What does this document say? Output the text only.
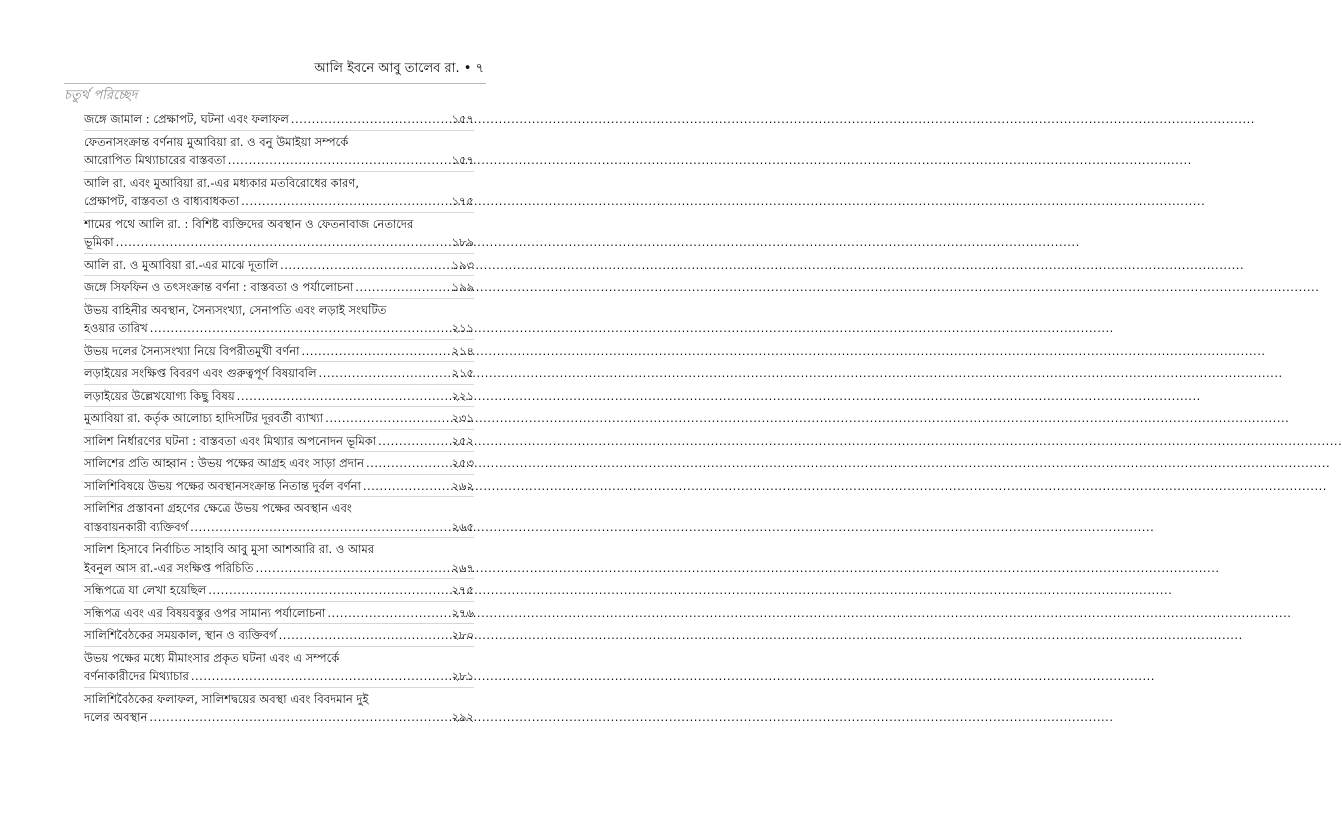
আলি ইবনে আবু তালেব রা. • ৭
চতুর্থ পরিচ্ছেদ
জঙ্গে জামাল : প্রেক্ষাপট, ঘটনা এবং ফলাফল .....	১৫৭
ফেতনাসংক্রান্ত বর্ণনায় মুআবিয়া রা. ও বনু উমাইয়া সম্পর্কে
আরোপিত মিথ্যাচারের বাস্তবতা .....	১৫৭
আলি রা. এবং মুআবিয়া রা.-এর মধ্যকার মতবিরোধের কারণ,
প্রেক্ষাপট, বাস্তবতা ও বাধ্যবাধকতা .....	১৭৫
শামের পথে আলি রা. : বিশিষ্ট ব্যক্তিদের অবস্থান ও ফেতনাবাজ নেতাদের
ভূমিকা .....	১৮৯
আলি রা. ও মুআবিয়া রা.-এর মাঝে দূতালি .....	১৯৩
জঙ্গে সিফফিন ও তৎসংক্রান্ত বর্ণনা : বাস্তবতা ও পর্যালোচনা .....	১৯৯
উভয় বাহিনীর অবস্থান, সৈন্যসংখ্যা, সেনাপতি এবং লড়াই সংঘটিত
হওয়ার তারিখ .....	২১১
উভয় দলের সৈন্যসংখ্যা নিয়ে বিপরীতমুখী বর্ণনা .....	২১৪
লড়াইয়ের সংক্ষিপ্ত বিবরণ এবং গুরুত্বপূর্ণ বিষয়াবলি .....	২১৫
লড়াইয়ের উল্লেখযোগ্য কিছু বিষয় .....	২২১
মুআবিয়া রা. কর্তৃক আলোচ্য হাদিসটির দূরবর্তী ব্যাখ্যা .....	২৩১
সালিশ নির্ধারণের ঘটনা : বাস্তবতা এবং মিথ্যার অপনোদন ভূমিকা .....	২৫২
সালিশের প্রতি আহ্বান : উভয় পক্ষের আগ্রহ এবং সাড়া প্রদান .....	২৫৩
সালিশিবিষয়ে উভয় পক্ষের অবস্থানসংক্রান্ত নিতান্ত দুর্বল বর্ণনা .....	২৬২
সালিশির প্রস্তাবনা গ্রহণের ক্ষেত্রে উভয় পক্ষের অবস্থান এবং
বাস্তবায়নকারী ব্যক্তিবর্গ .....	২৬৫
সালিশ হিসাবে নির্বাচিত সাহাবি আবু মুসা আশআরি রা. ও আমর
ইবনুল আস রা.-এর সংক্ষিপ্ত পরিচিতি .....	২৬৭
সন্ধিপত্রে যা লেখা হয়েছিল .....	২৭৫
সন্ধিপত্র এবং এর বিষয়বস্তুর ওপর সামান্য পর্যালোচনা .....	২৭৬
সালিশিবৈঠকের সময়কাল, স্থান ও ব্যক্তিবর্গ .....	২৮০
উভয় পক্ষের মধ্যে মীমাংসার প্রকৃত ঘটনা এবং এ সম্পর্কে
বর্ণনাকারীদের মিথ্যাচার .....	২৮১
সালিশিবৈঠকের ফলাফল, সালিশদ্বয়ের অবস্থা এবং বিবদমান দুই
দলের অবস্থান .....	২৯২
